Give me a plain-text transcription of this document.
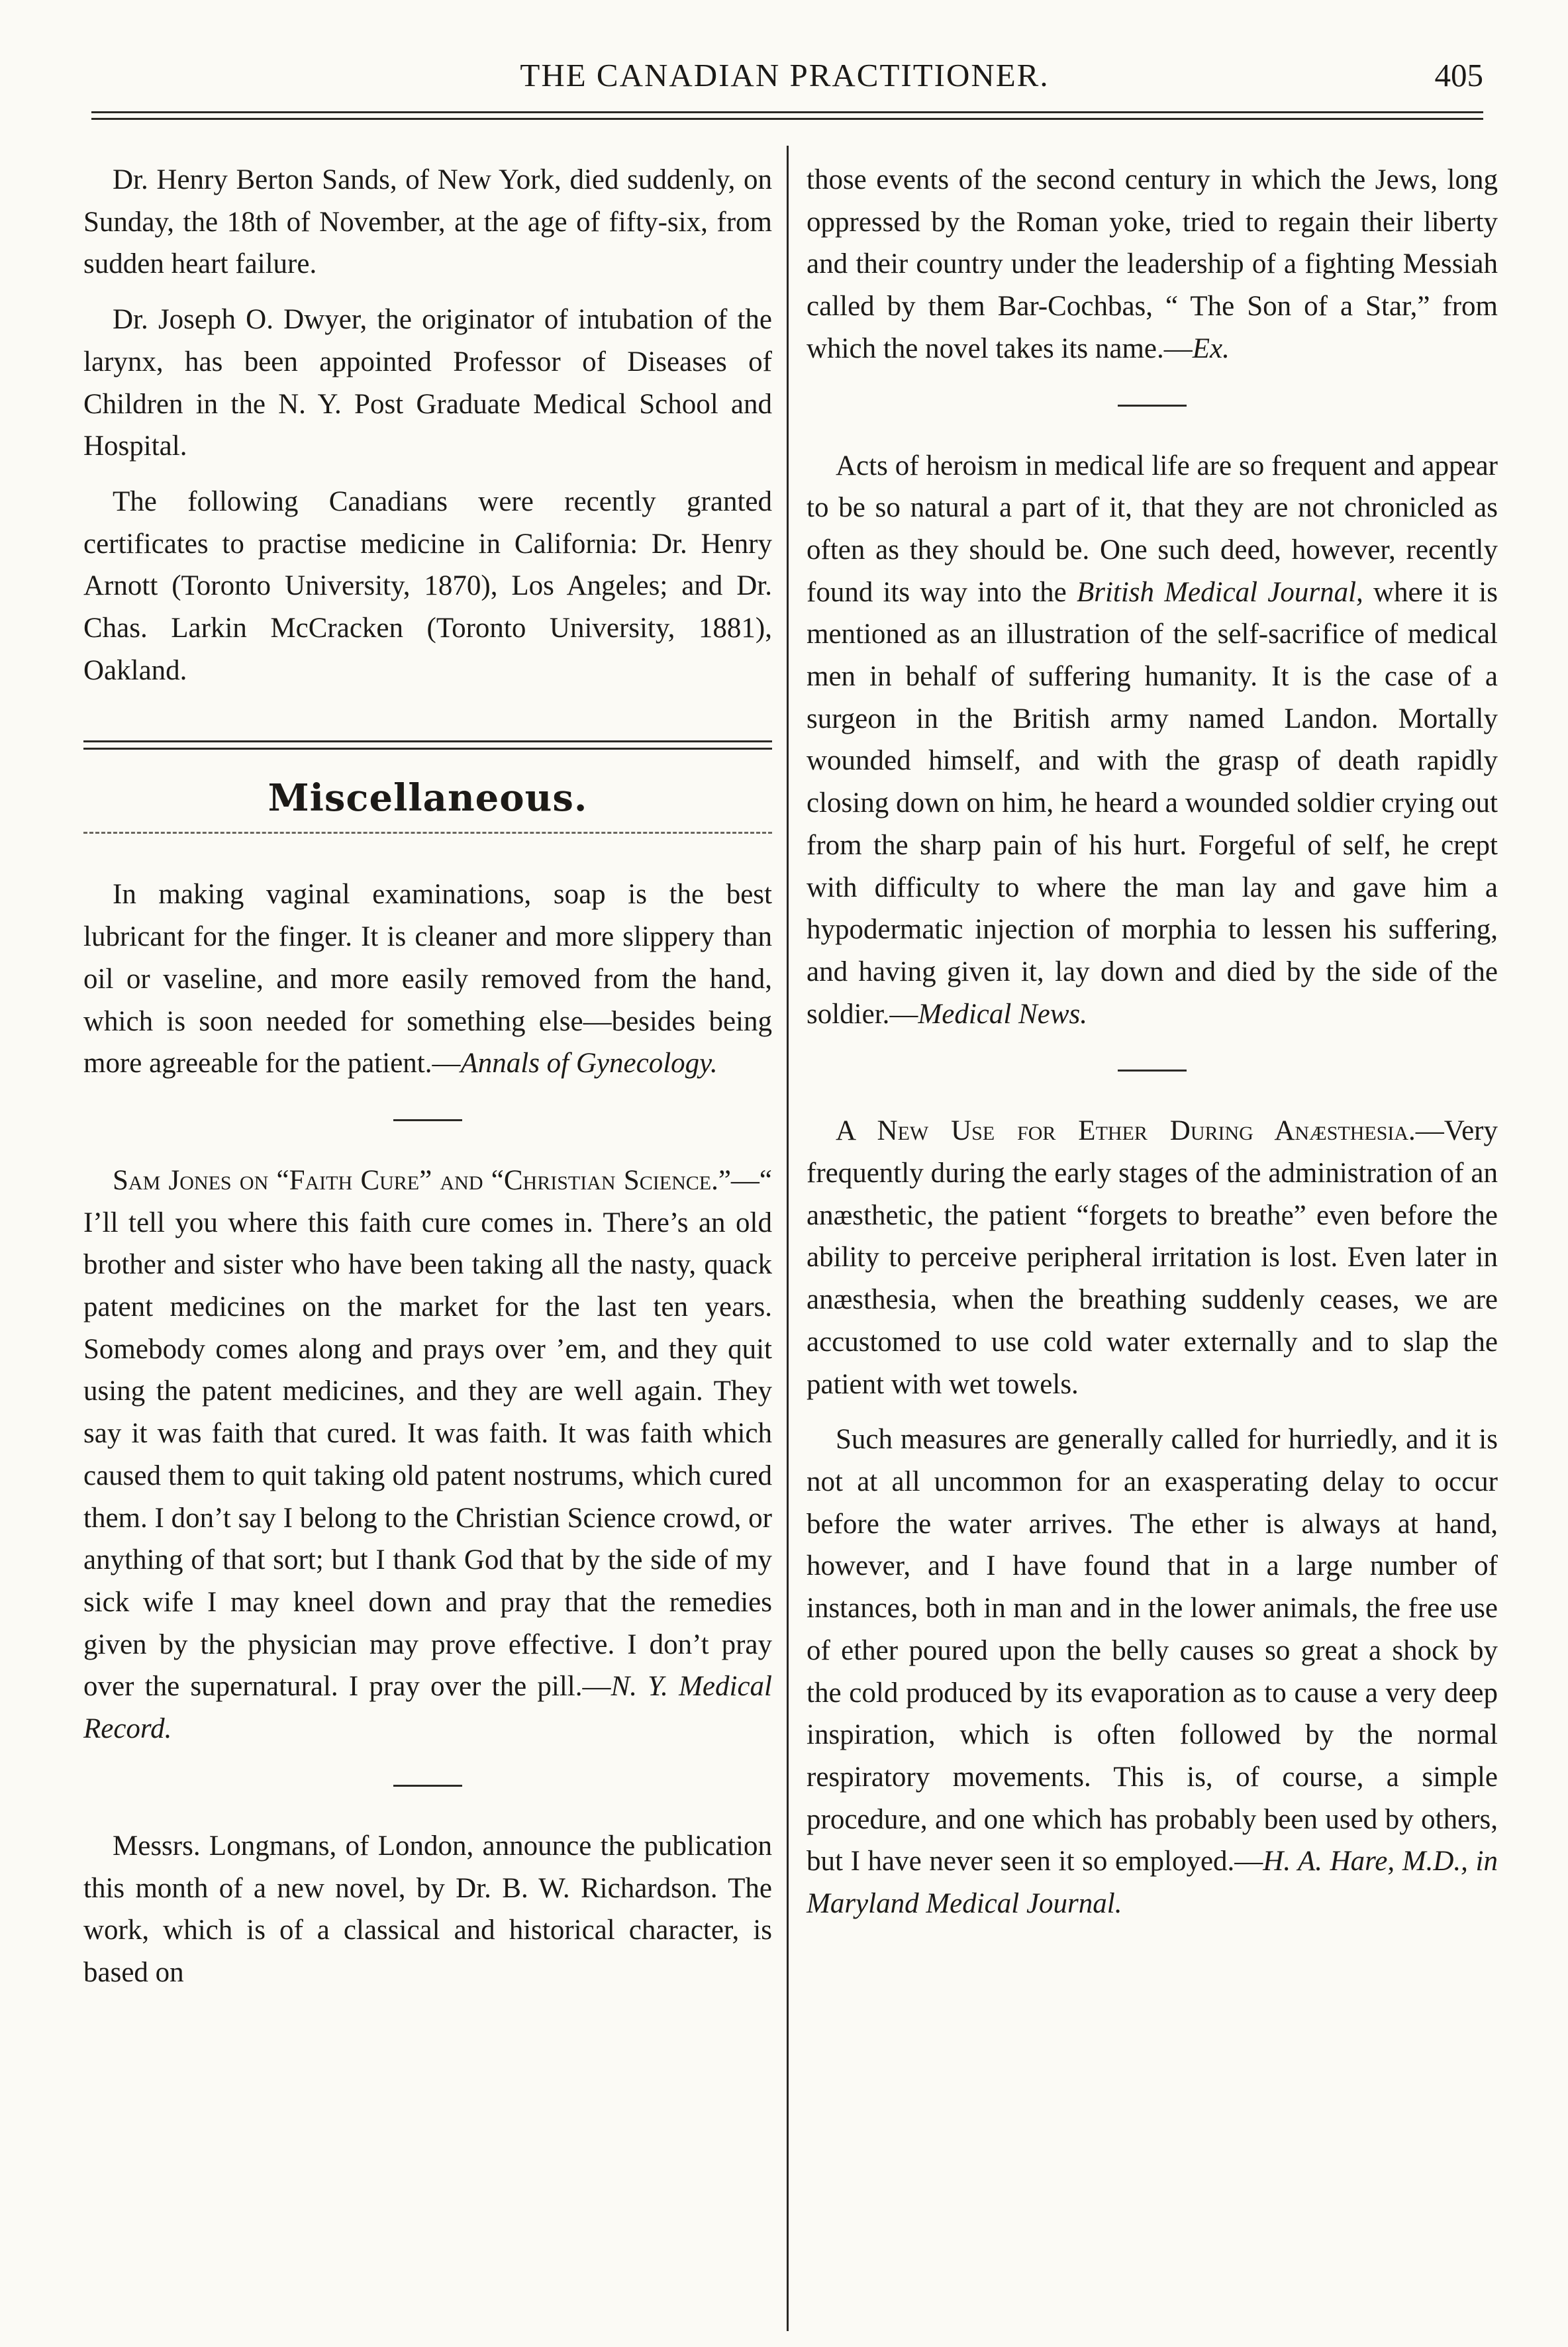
THE CANADIAN PRACTITIONER.	405

Dr. Henry Berton Sands, of New York, died suddenly, on Sunday, the 18th of November, at the age of fifty-six, from sudden heart failure.

Dr. Joseph O. Dwyer, the originator of intubation of the larynx, has been appointed Professor of Diseases of Children in the N. Y. Post Graduate Medical School and Hospital.

The following Canadians were recently granted certificates to practise medicine in California: Dr. Henry Arnott (Toronto University, 1870), Los Angeles; and Dr. Chas. Larkin McCracken (Toronto University, 1881), Oakland.

Miscellaneous.

In making vaginal examinations, soap is the best lubricant for the finger. It is cleaner and more slippery than oil or vaseline, and more easily removed from the hand, which is soon needed for something else—besides being more agreeable for the patient.—Annals of Gynecology.

Sam Jones on “Faith Cure” and “Christian Science.”—“ I’ll tell you where this faith cure comes in. There’s an old brother and sister who have been taking all the nasty, quack patent medicines on the market for the last ten years. Somebody comes along and prays over ’em, and they quit using the patent medicines, and they are well again. They say it was faith that cured. It was faith. It was faith which caused them to quit taking old patent nostrums, which cured them. I don’t say I belong to the Christian Science crowd, or anything of that sort; but I thank God that by the side of my sick wife I may kneel down and pray that the remedies given by the physician may prove effective. I don’t pray over the supernatural. I pray over the pill.—N. Y. Medical Record.

Messrs. Longmans, of London, announce the publication this month of a new novel, by Dr. B. W. Richardson. The work, which is of a classical and historical character, is based on

those events of the second century in which the Jews, long oppressed by the Roman yoke, tried to regain their liberty and their country under the leadership of a fighting Messiah called by them Bar-Cochbas, “ The Son of a Star,” from which the novel takes its name.—Ex.

Acts of heroism in medical life are so frequent and appear to be so natural a part of it, that they are not chronicled as often as they should be. One such deed, however, recently found its way into the British Medical Journal, where it is mentioned as an illustration of the self-sacrifice of medical men in behalf of suffering humanity. It is the case of a surgeon in the British army named Landon. Mortally wounded himself, and with the grasp of death rapidly closing down on him, he heard a wounded soldier crying out from the sharp pain of his hurt. Forgeful of self, he crept with difficulty to where the man lay and gave him a hypodermatic injection of morphia to lessen his suffering, and having given it, lay down and died by the side of the soldier.—Medical News.

A New Use for Ether During Anæsthesia.—Very frequently during the early stages of the administration of an anæsthetic, the patient “forgets to breathe” even before the ability to perceive peripheral irritation is lost. Even later in anæsthesia, when the breathing suddenly ceases, we are accustomed to use cold water externally and to slap the patient with wet towels.

Such measures are generally called for hurriedly, and it is not at all uncommon for an exasperating delay to occur before the water arrives. The ether is always at hand, however, and I have found that in a large number of instances, both in man and in the lower animals, the free use of ether poured upon the belly causes so great a shock by the cold produced by its evaporation as to cause a very deep inspiration, which is often followed by the normal respiratory movements. This is, of course, a simple procedure, and one which has probably been used by others, but I have never seen it so employed.—H. A. Hare, M.D., in Maryland Medical Journal.
